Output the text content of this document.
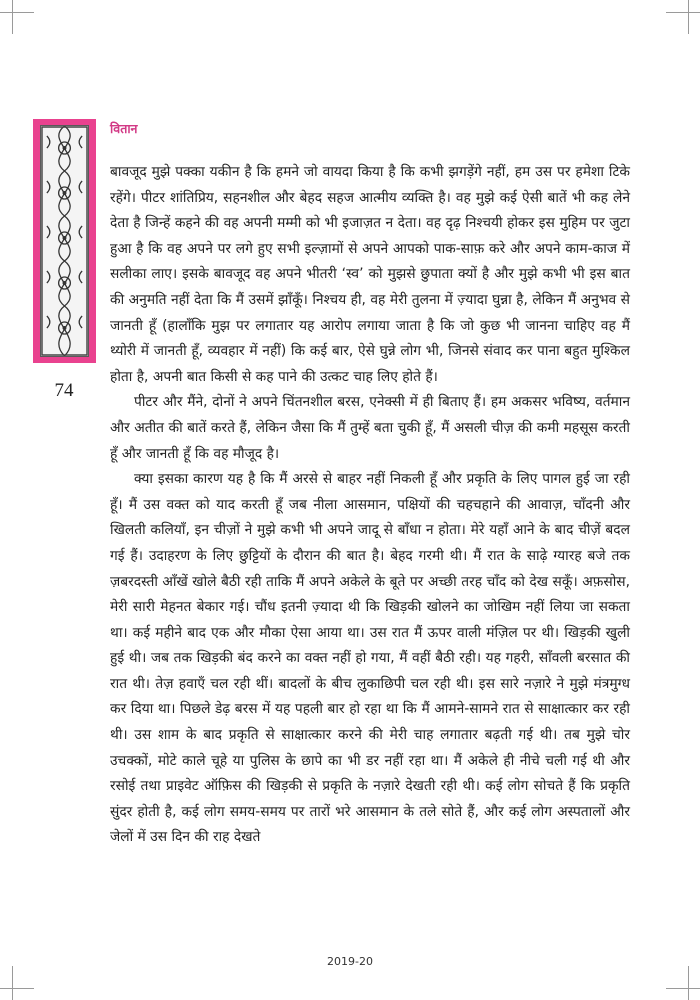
74
वितान

बावजूद मुझे पक्का यकीन है कि हमने जो वायदा किया है कि कभी झगड़ेंगे नहीं, हम उस पर हमेशा टिके रहेंगे। पीटर शांतिप्रिय, सहनशील और बेहद सहज आत्मीय व्यक्ति है। वह मुझे कई ऐसी बातें भी कह लेने देता है जिन्हें कहने की वह अपनी मम्मी को भी इजाज़त न देता। वह दृढ़ निश्चयी होकर इस मुहिम पर जुटा हुआ है कि वह अपने पर लगे हुए सभी इल्ज़ामों से अपने आपको पाक-साफ़ करे और अपने काम-काज में सलीका लाए। इसके बावजूद वह अपने भीतरी ‘स्व’ को मुझसे छुपाता क्यों है और मुझे कभी भी इस बात की अनुमति नहीं देता कि मैं उसमें झाँकूँ। निश्चय ही, वह मेरी तुलना में ज़्यादा घुन्ना है, लेकिन मैं अनुभव से जानती हूँ (हालाँकि मुझ पर लगातार यह आरोप लगाया जाता है कि जो कुछ भी जानना चाहिए वह मैं थ्योरी में जानती हूँ, व्यवहार में नहीं) कि कई बार, ऐसे घुन्ने लोग भी, जिनसे संवाद कर पाना बहुत मुश्किल होता है, अपनी बात किसी से कह पाने की उत्कट चाह लिए होते हैं।

पीटर और मैंने, दोनों ने अपने चिंतनशील बरस, एनेक्सी में ही बिताए हैं। हम अकसर भविष्य, वर्तमान और अतीत की बातें करते हैं, लेकिन जैसा कि मैं तुम्हें बता चुकी हूँ, मैं असली चीज़ की कमी महसूस करती हूँ और जानती हूँ कि वह मौजूद है।

क्या इसका कारण यह है कि मैं अरसे से बाहर नहीं निकली हूँ और प्रकृति के लिए पागल हुई जा रही हूँ। मैं उस वक्त को याद करती हूँ जब नीला आसमान, पक्षियों की चहचहाने की आवाज़, चाँदनी और खिलती कलियाँ, इन चीज़ों ने मुझे कभी भी अपने जादू से बाँधा न होता। मेरे यहाँ आने के बाद चीज़ें बदल गई हैं। उदाहरण के लिए छुट्टियों के दौरान की बात है। बेहद गरमी थी। मैं रात के साढ़े ग्यारह बजे तक ज़बरदस्ती आँखें खोले बैठी रही ताकि मैं अपने अकेले के बूते पर अच्छी तरह चाँद को देख सकूँ। अफ़सोस, मेरी सारी मेहनत बेकार गई। चौंध इतनी ज़्यादा थी कि खिड़की खोलने का जोखिम नहीं लिया जा सकता था। कई महीने बाद एक और मौका ऐसा आया था। उस रात मैं ऊपर वाली मंज़िल पर थी। खिड़की खुली हुई थी। जब तक खिड़की बंद करने का वक्त नहीं हो गया, मैं वहीं बैठी रही। यह गहरी, साँवली बरसात की रात थी। तेज़ हवाएँ चल रही थीं। बादलों के बीच लुकाछिपी चल रही थी। इस सारे नज़ारे ने मुझे मंत्रमुग्ध कर दिया था। पिछले डेढ़ बरस में यह पहली बार हो रहा था कि मैं आमने-सामने रात से साक्षात्कार कर रही थी। उस शाम के बाद प्रकृति से साक्षात्कार करने की मेरी चाह लगातार बढ़ती गई थी। तब मुझे चोर उचक्कों, मोटे काले चूहे या पुलिस के छापे का भी डर नहीं रहा था। मैं अकेले ही नीचे चली गई थी और रसोई तथा प्राइवेट ऑफ़िस की खिड़की से प्रकृति के नज़ारे देखती रही थी। कई लोग सोचते हैं कि प्रकृति सुंदर होती है, कई लोग समय-समय पर तारों भरे आसमान के तले सोते हैं, और कई लोग अस्पतालों और जेलों में उस दिन की राह देखते

2019-20
